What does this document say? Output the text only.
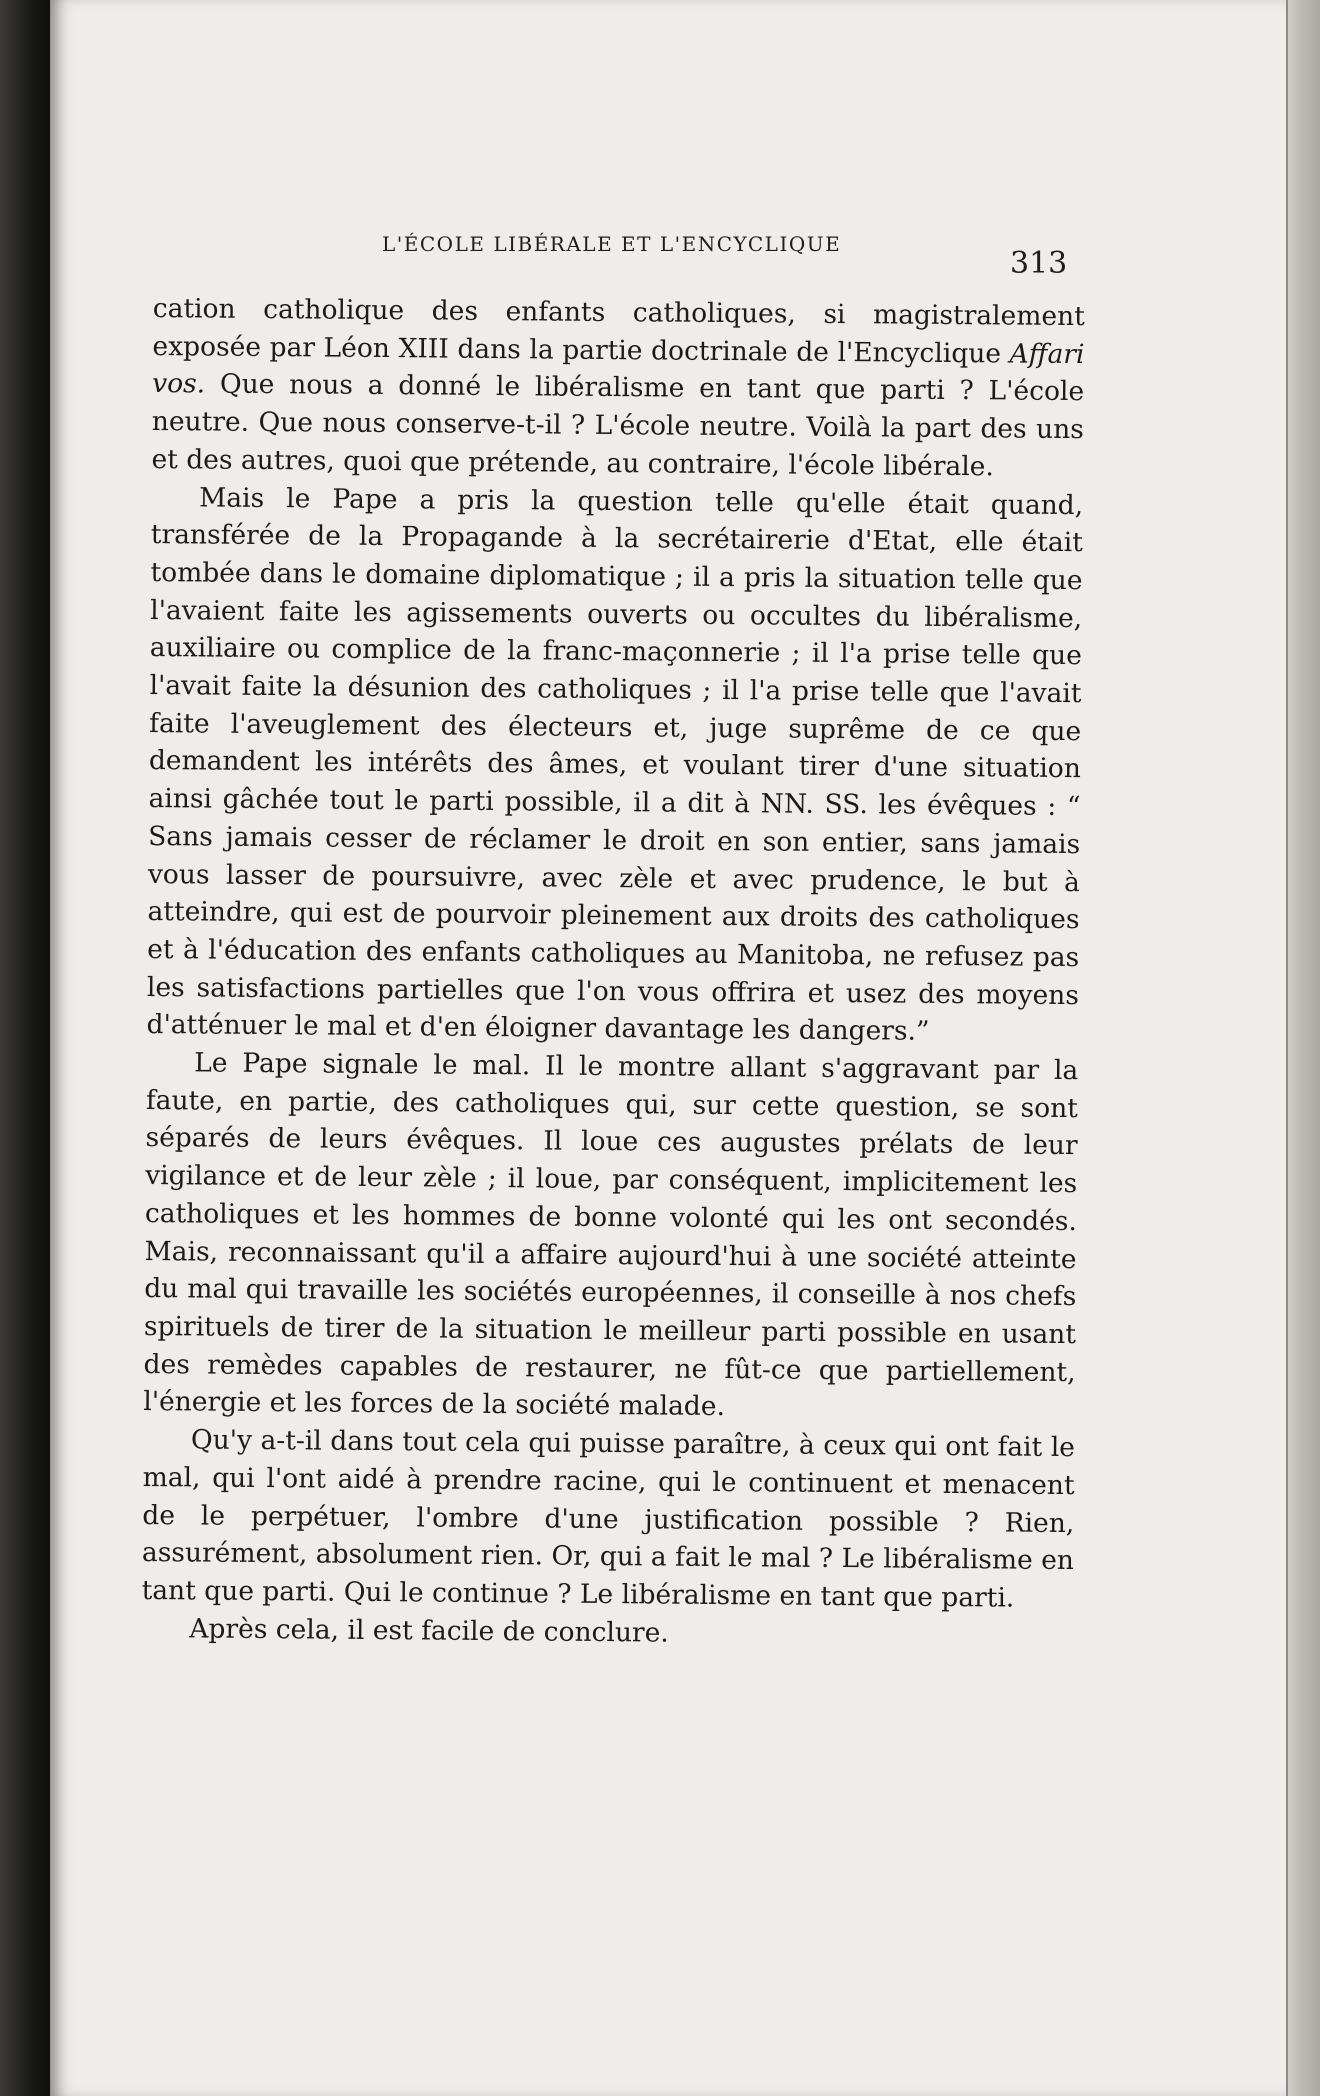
L'ÉCOLE LIBÉRALE ET L'ENCYCLIQUE
313

cation catholique des enfants catholiques, si magistralement exposée par Léon XIII dans la partie doctrinale de l'Encyclique Affari vos. Que nous a donné le libéralisme en tant que parti ? L'école neutre. Que nous conserve-t-il ? L'école neutre. Voilà la part des uns et des autres, quoi que prétende, au contraire, l'école libérale.

Mais le Pape a pris la question telle qu'elle était quand, transférée de la Propagande à la secrétairerie d'Etat, elle était tombée dans le domaine diplomatique ; il a pris la situation telle que l'avaient faite les agissements ouverts ou occultes du libéralisme, auxiliaire ou complice de la franc-maçonnerie ; il l'a prise telle que l'avait faite la désunion des catholiques ; il l'a prise telle que l'avait faite l'aveuglement des électeurs et, juge suprême de ce que demandent les intérêts des âmes, et voulant tirer d'une situation ainsi gâchée tout le parti possible, il a dit à NN. SS. les évêques : “ Sans jamais cesser de réclamer le droit en son entier, sans jamais vous lasser de poursuivre, avec zèle et avec prudence, le but à atteindre, qui est de pourvoir pleinement aux droits des catholiques et à l'éducation des enfants catholiques au Manitoba, ne refusez pas les satisfactions partielles que l'on vous offrira et usez des moyens d'atténuer le mal et d'en éloigner davantage les dangers.”

Le Pape signale le mal. Il le montre allant s'aggravant par la faute, en partie, des catholiques qui, sur cette question, se sont séparés de leurs évêques. Il loue ces augustes prélats de leur vigilance et de leur zèle ; il loue, par conséquent, implicitement les catholiques et les hommes de bonne volonté qui les ont secondés. Mais, reconnaissant qu'il a affaire aujourd'hui à une société atteinte du mal qui travaille les sociétés européennes, il conseille à nos chefs spirituels de tirer de la situation le meilleur parti possible en usant des remèdes capables de restaurer, ne fût-ce que partiellement, l'énergie et les forces de la société malade.

Qu'y a-t-il dans tout cela qui puisse paraître, à ceux qui ont fait le mal, qui l'ont aidé à prendre racine, qui le continuent et menacent de le perpétuer, l'ombre d'une justification possible ? Rien, assurément, absolument rien. Or, qui a fait le mal ? Le libéralisme en tant que parti. Qui le continue ? Le libéralisme en tant que parti.

Après cela, il est facile de conclure.
